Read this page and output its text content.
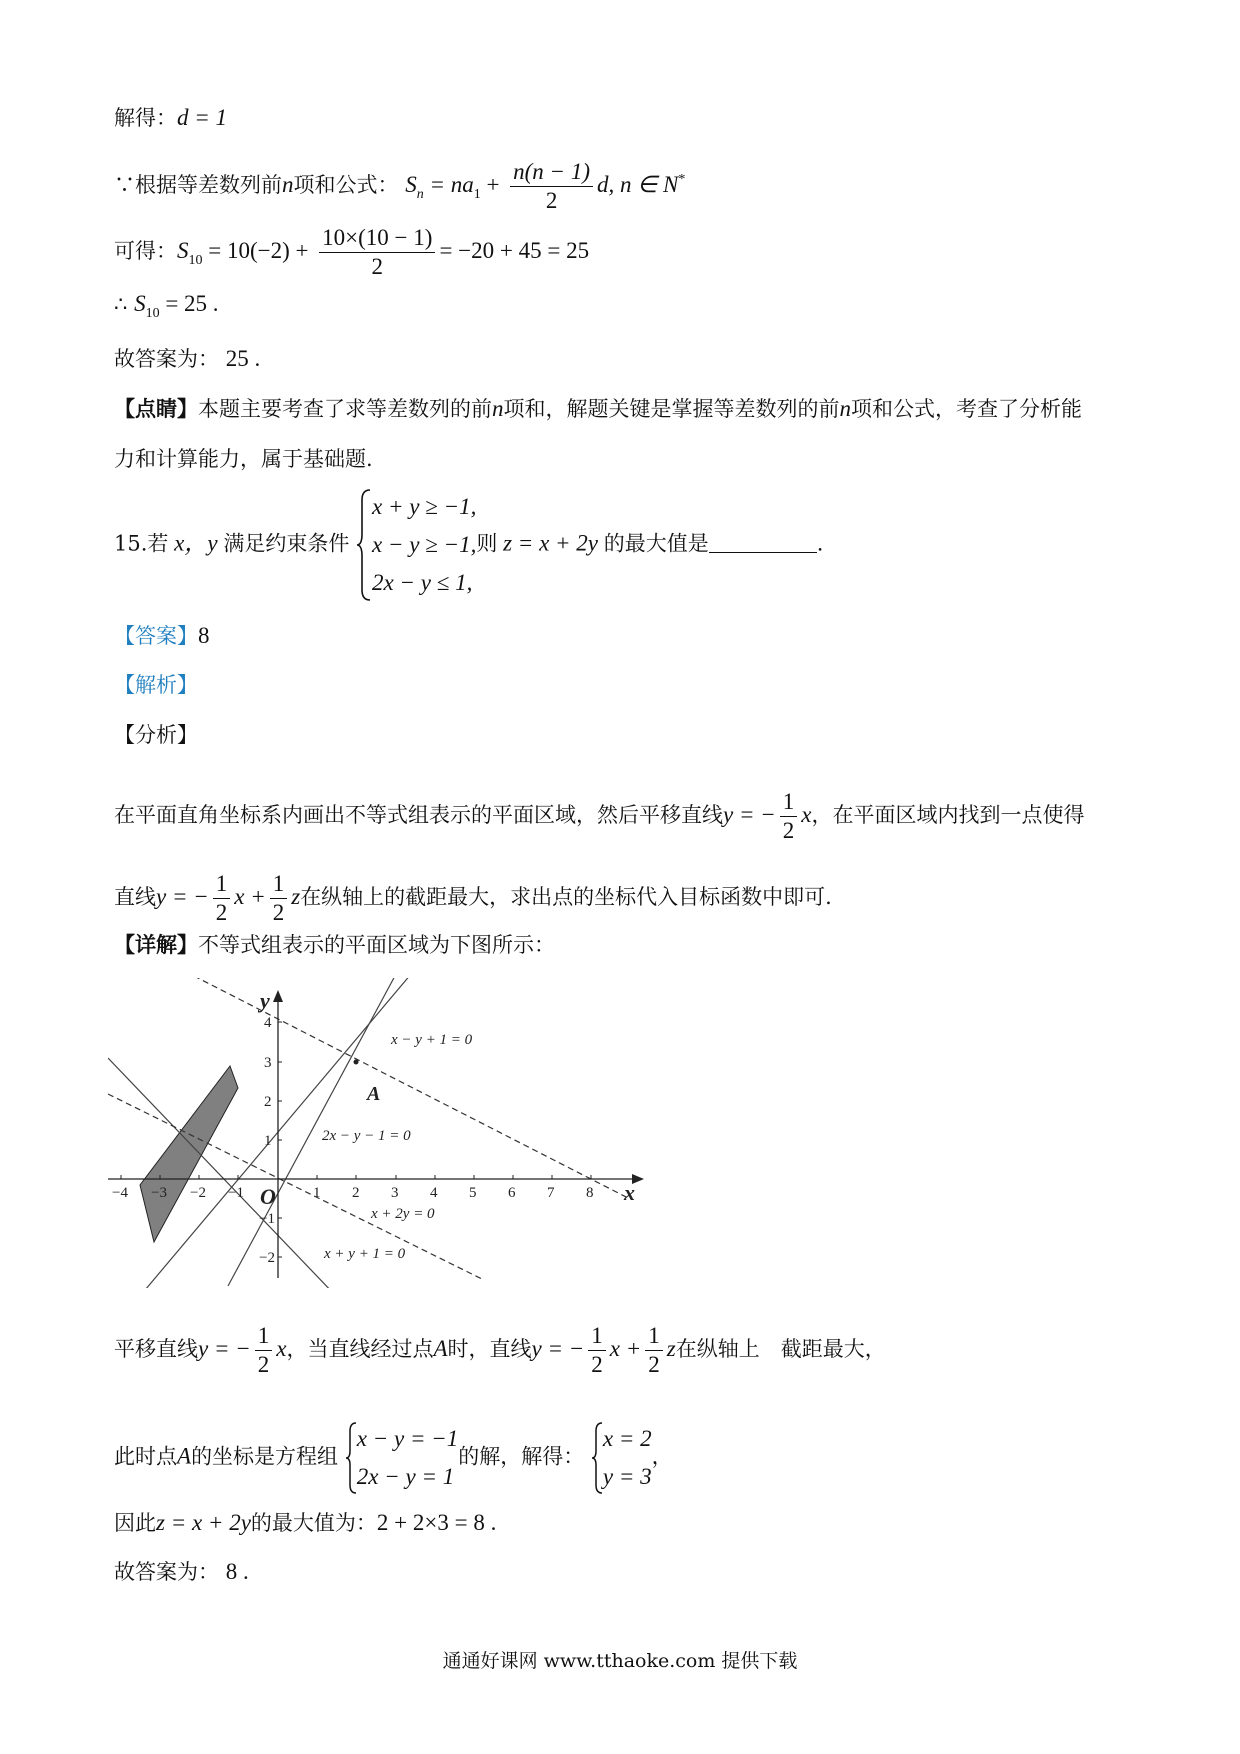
解得：d = 1
∵根据等差数列前n项和公式： $S_n = na_1 + \frac{n(n - 1)}{2} d$, n ∈ N*
可得：$S_{10} = 10(-2) + \frac{10\times(10 - 1)}{2} = -20 + 45 = 25$
∴ $S_{10} = 25$ .
故答案为： 25 .
【点睛】本题主要考查了求等差数列的前n项和，解题关键是掌握等差数列的前n项和公式，考查了分析能
力和计算能力，属于基础题.
15.若 x，y 满足约束条件
x + y ≥ −1,
x − y ≥ −1,
2x − y ≤ 1,
则 z = x + 2y 的最大值是	.
【答案】8
【解析】
【分析】
在平面直角坐标系内画出不等式组表示的平面区域，然后平移直线y = − $\frac{1}{2}$ x，在平面区域内找到一点使得
直线y = − $\frac{1}{2}$ $x + \frac{1}{2}$ z在纵轴上的截距最大，求出点的坐标代入目标函数中即可.
【详解】不等式组表示的平面区域为下图所示：
−4 −3 −2 −1	1 2 3 4 5 6 7 8
4
3
2
1
−1
−2
y
x
O
A
x − y + 1 = 0
2x − y − 1 = 0
x + 2y = 0
x + y + 1 = 0
平移直线y = − $\frac{1}{2}$ x，当直线经过点A时，直线y = − $\frac{1}{2}$ $x + \frac{1}{2}$ z在纵轴上　截距最大，
此时点A的坐标是方程组
x − y = −1
2x − y = 1
的解，解得：
x = 2
y = 3
，
因此z = x + 2y的最大值为：2 + 2×3 = 8 .
故答案为： 8 .
通通好课网 www.tthaoke.com 提供下载
